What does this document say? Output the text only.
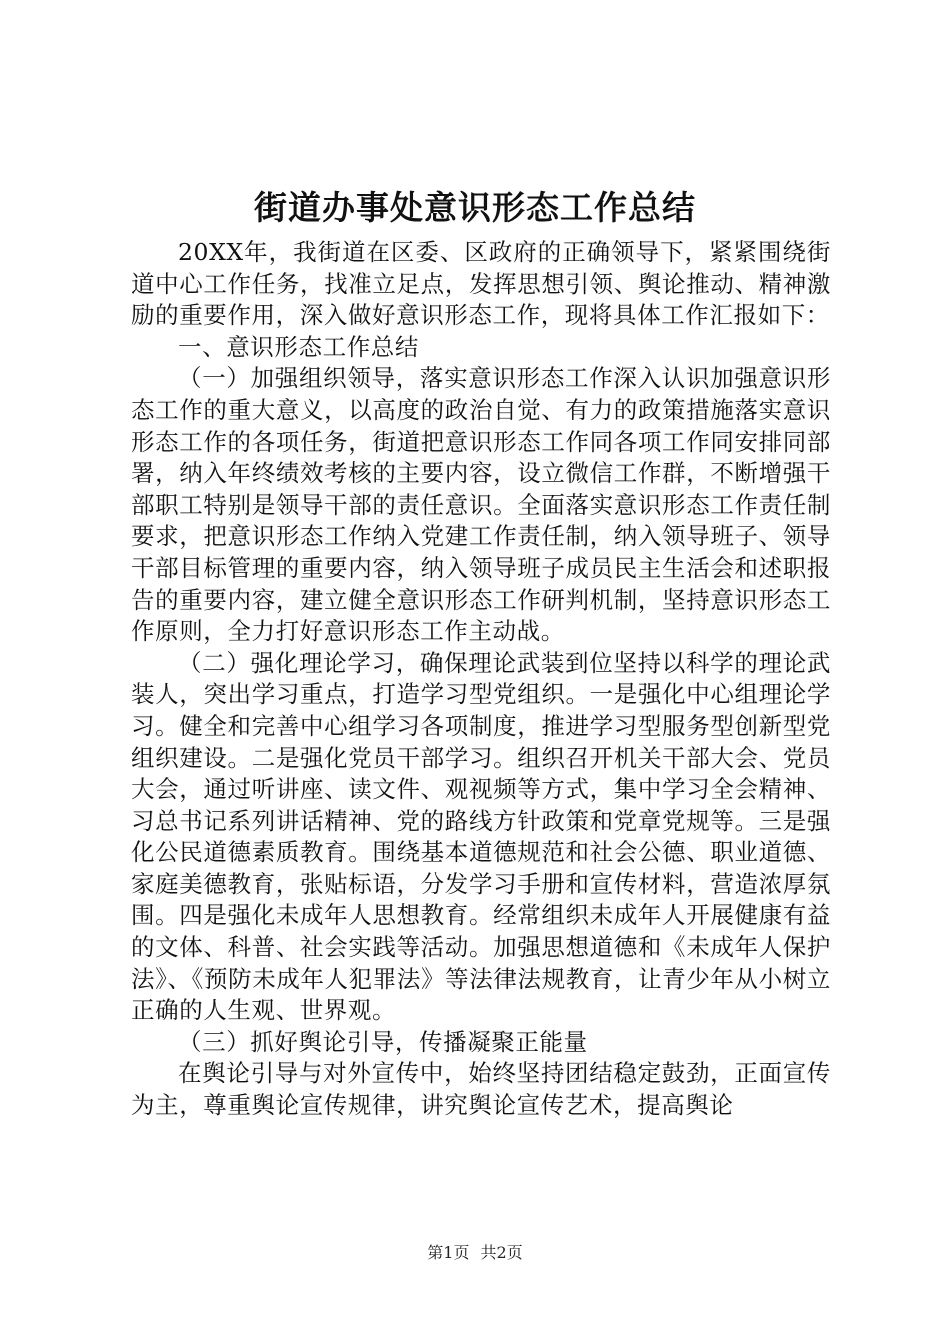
街道办事处意识形态工作总结

20XX年，我街道在区委、区政府的正确领导下，紧紧围绕街道中心工作任务，找准立足点，发挥思想引领、舆论推动、精神激励的重要作用，深入做好意识形态工作，现将具体工作汇报如下：

一、意识形态工作总结

（一）加强组织领导，落实意识形态工作深入认识加强意识形态工作的重大意义，以高度的政治自觉、有力的政策措施落实意识形态工作的各项任务，街道把意识形态工作同各项工作同安排同部署，纳入年终绩效考核的主要内容，设立微信工作群，不断增强干部职工特别是领导干部的责任意识。全面落实意识形态工作责任制要求，把意识形态工作纳入党建工作责任制，纳入领导班子、领导干部目标管理的重要内容，纳入领导班子成员民主生活会和述职报告的重要内容，建立健全意识形态工作研判机制，坚持意识形态工作原则，全力打好意识形态工作主动战。

（二）强化理论学习，确保理论武装到位坚持以科学的理论武装人，突出学习重点，打造学习型党组织。一是强化中心组理论学习。健全和完善中心组学习各项制度，推进学习型服务型创新型党组织建设。二是强化党员干部学习。组织召开机关干部大会、党员大会，通过听讲座、读文件、观视频等方式，集中学习全会精神、习总书记系列讲话精神、党的路线方针政策和党章党规等。三是强化公民道德素质教育。围绕基本道德规范和社会公德、职业道德、家庭美德教育，张贴标语，分发学习手册和宣传材料，营造浓厚氛围。四是强化未成年人思想教育。经常组织未成年人开展健康有益的文体、科普、社会实践等活动。加强思想道德和《未成年人保护法》、《预防未成年人犯罪法》等法律法规教育，让青少年从小树立正确的人生观、世界观。

（三）抓好舆论引导，传播凝聚正能量

在舆论引导与对外宣传中，始终坚持团结稳定鼓劲，正面宣传为主，尊重舆论宣传规律，讲究舆论宣传艺术，提高舆论

第1页 共2页
